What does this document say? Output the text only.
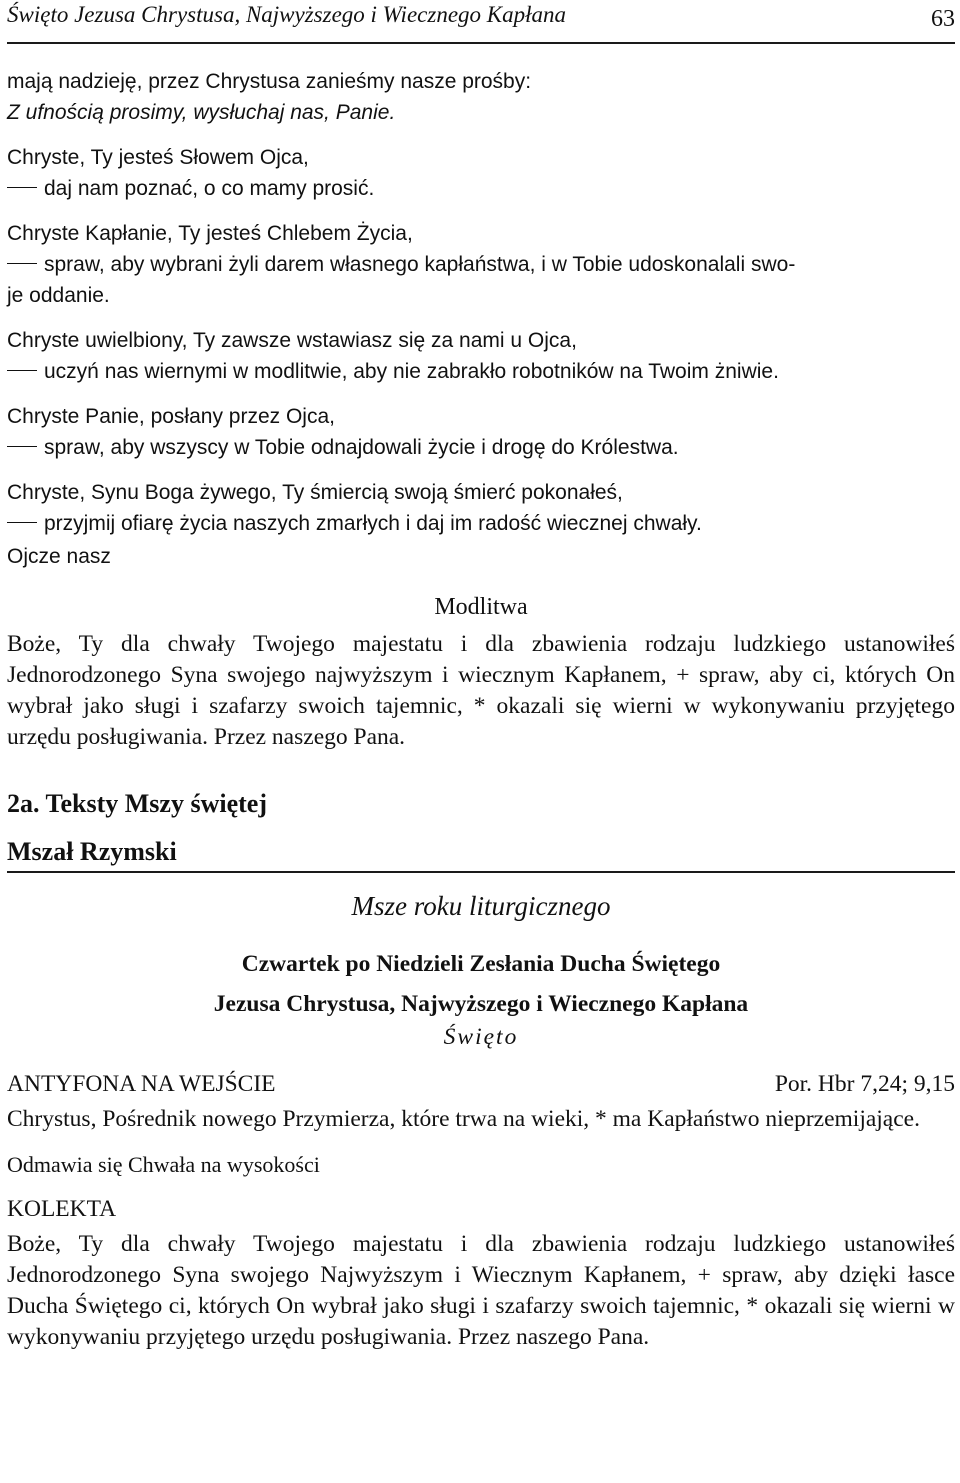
Święto Jezusa Chrystusa, Najwyższego i Wiecznego Kapłana	63

mają nadzieję, przez Chrystusa zanieśmy nasze prośby:

Z ufnością prosimy, wysłuchaj nas, Panie.

Chryste, Ty jesteś Słowem Ojca,

daj nam poznać, o co mamy prosić.

Chryste Kapłanie, Ty jesteś Chlebem Życia,

spraw, aby wybrani żyli darem własnego kapłaństwa, i w Tobie udoskonalali swo-

je oddanie.

Chryste uwielbiony, Ty zawsze wstawiasz się za nami u Ojca,

uczyń nas wiernymi w modlitwie, aby nie zabrakło robotników na Twoim żniwie.

Chryste Panie, posłany przez Ojca,

spraw, aby wszyscy w Tobie odnajdowali życie i drogę do Królestwa.

Chryste, Synu Boga żywego, Ty śmiercią swoją śmierć pokonałeś,

przyjmij ofiarę życia naszych zmarłych i daj im radość wiecznej chwały.

Ojcze nasz

Modlitwa

Boże, Ty dla chwały Twojego majestatu i dla zbawienia rodzaju ludzkiego ustanowiłeś Jednorodzonego Syna swojego najwyższym i wiecznym Kapłanem, + spraw, aby ci, których On wybrał jako sługi i szafarzy swoich tajemnic, * okazali się wierni w wykonywaniu przyjętego urzędu posługiwania. Przez naszego Pana.

2a. Teksty Mszy świętej

Mszał Rzymski

Msze roku liturgicznego

Czwartek po Niedzieli Zesłania Ducha Świętego

Jezusa Chrystusa, Najwyższego i Wiecznego Kapłana

Święto

ANTYFONA NA WEJŚCIE	Por. Hbr 7,24; 9,15

Chrystus, Pośrednik nowego Przymierza, które trwa na wieki, * ma Kapłaństwo nieprzemijające.

Odmawia się Chwała na wysokości

KOLEKTA

Boże, Ty dla chwały Twojego majestatu i dla zbawienia rodzaju ludzkiego ustanowiłeś Jednorodzonego Syna swojego Najwyższym i Wiecznym Kapłanem, + spraw, aby dzięki łasce Ducha Świętego ci, których On wybrał jako sługi i szafarzy swoich tajemnic, * okazali się wierni w wykonywaniu przyjętego urzędu posługiwania. Przez naszego Pana.
